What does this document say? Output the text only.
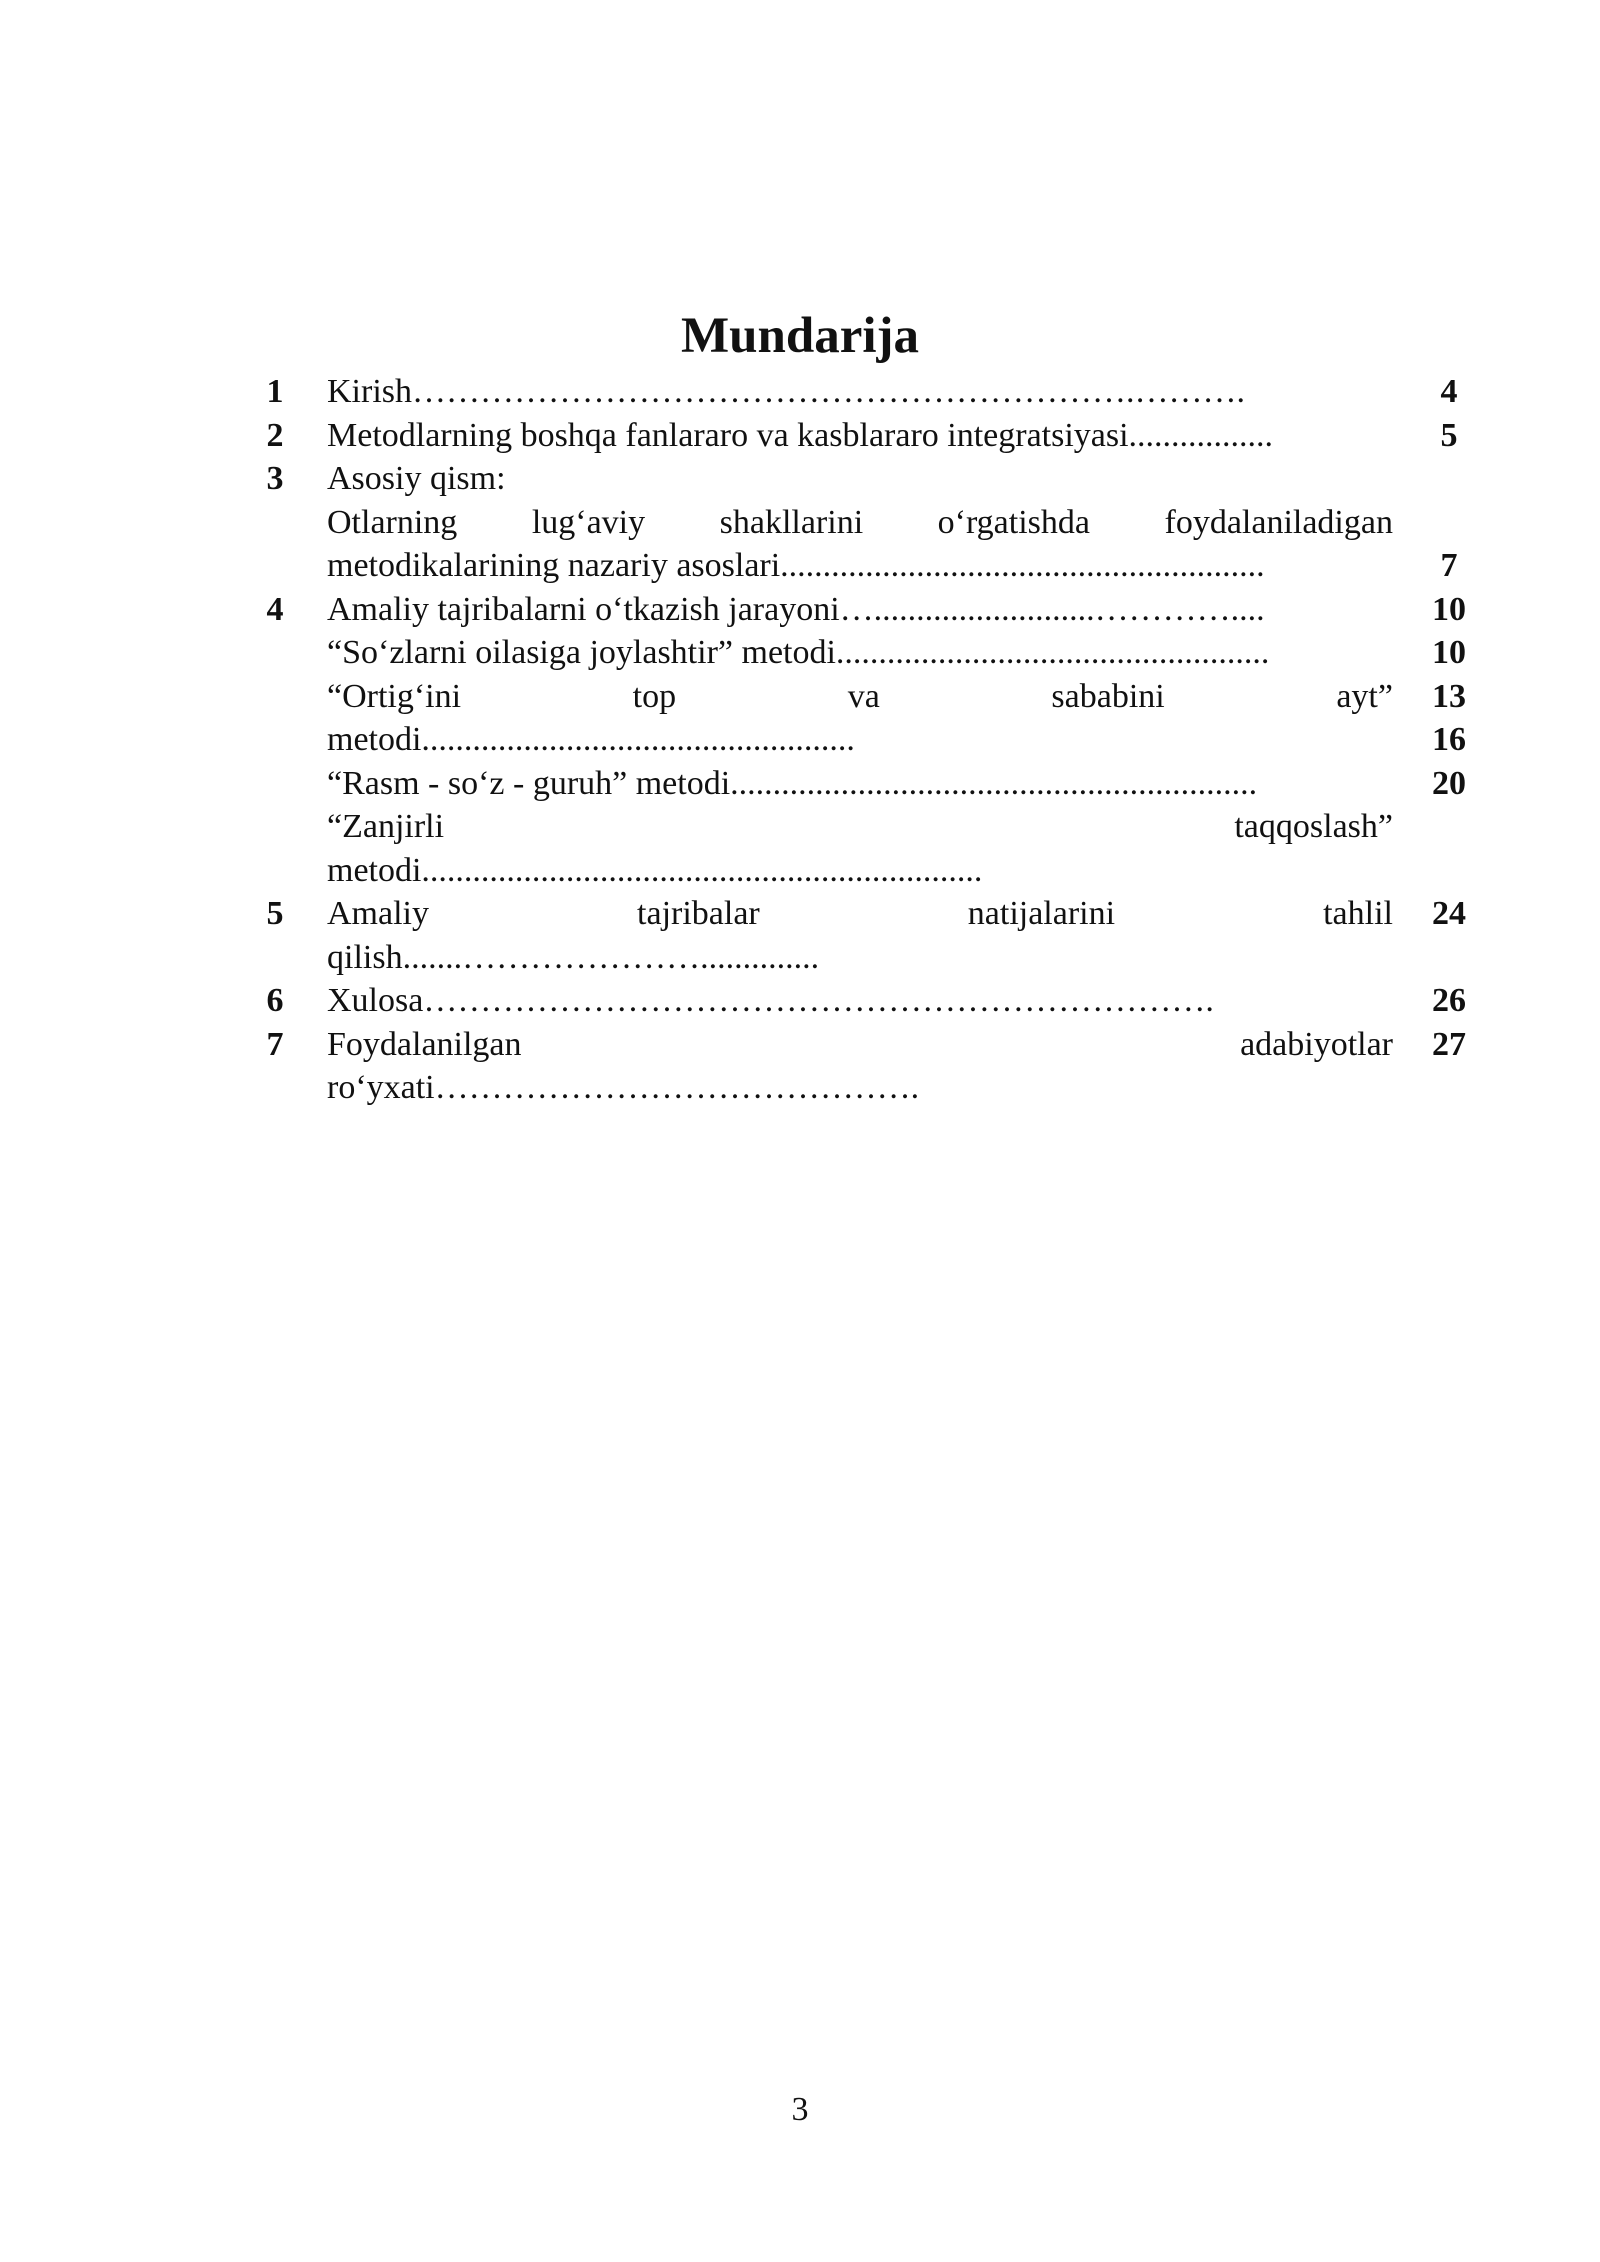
Mundarija
1 Kirish……………………………………………………….……….	4
2 Metodlarning boshqa fanlararo va kasblararo integratsiyasi.................	5
3 Asosiy qism:
Otlarning lug‘aviy shakllarini o‘rgatishda foydalaniladigan
metodikalarining nazariy asoslari.........................................................	7
4 Amaliy tajribalarni o‘tkazish jarayoni…..........................…………....	10
“So‘zlarni oilasiga joylashtir” metodi...................................................	10
“Ortig‘ini	top	va	sababini	ayt” 13
metodi...................................................	16
“Rasm - so‘z - guruh” metodi..............................................................	20
“Zanjirli	taqqoslash”
metodi..................................................................
5 Amaliy	tajribalar	natijalarini	tahlil 24
qilish.......…………………..............
6 Xulosa…………………………………………………………….	26
7 Foydalanilgan	adabiyotlar 27
ro‘yxati…………………………………….
3
